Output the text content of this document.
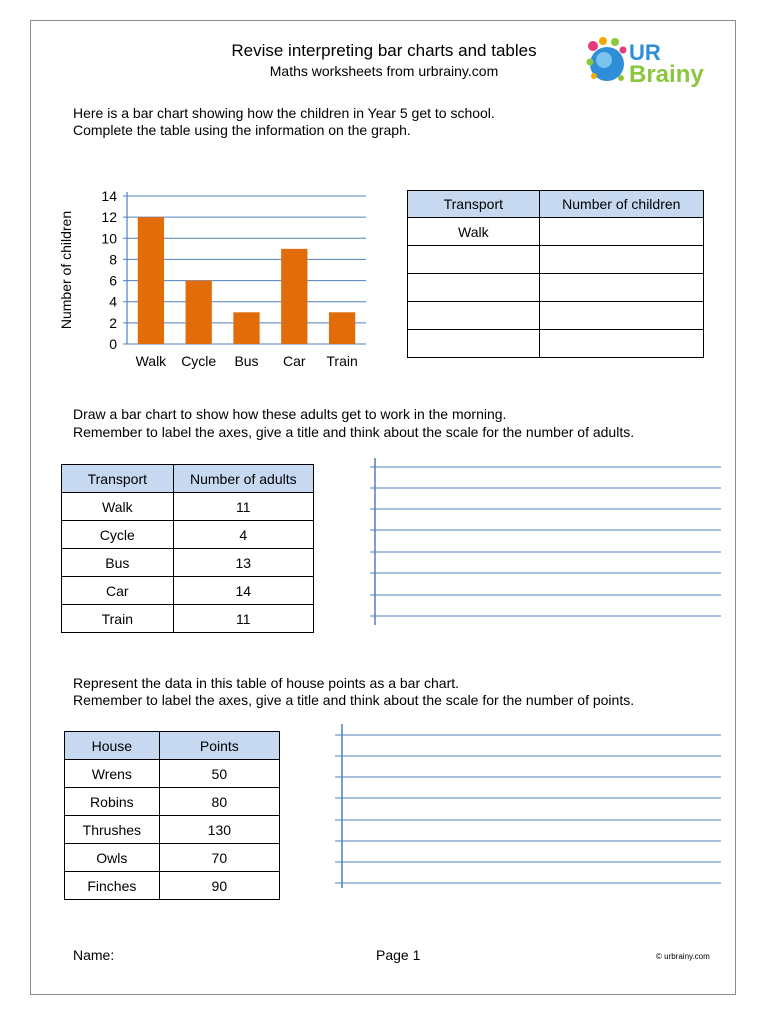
UR
Brainy
Revise interpreting bar charts and tables
Maths worksheets from urbrainy.com
Here is a bar chart showing how the children in Year 5 get to school.
Complete the table using the information on the graph.
0
2
4
6
8
10
12
14
Number of children
Walk Cycle Bus Car Train
Transport	Number of children
Walk	

Draw a bar chart to show how these adults get to work in the morning.
Remember to label the axes, give a title and think about the scale for the number of adults.
Transport	Number of adults
Walk	11
Cycle	4
Bus	13
Car	14
Train	11
Represent the data in this table of house points as a bar chart.
Remember to label the axes, give a title and think about the scale for the number of points.
House	Points
Wrens	50
Robins	80
Thrushes	130
Owls	70
Finches	90
Name:	Page 1	© urbrainy.com
